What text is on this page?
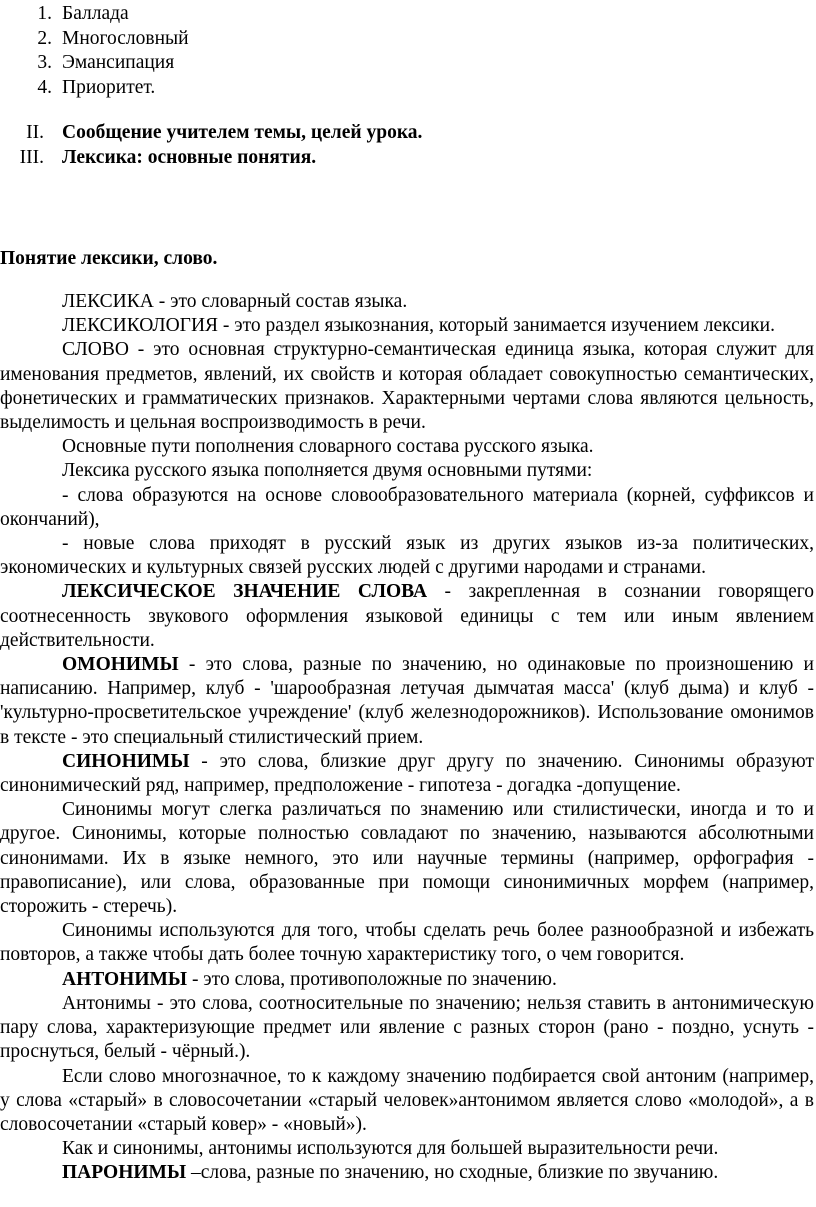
1. Баллада
2. Многословный
3. Эмансипация
4. Приоритет.
II. Сообщение учителем темы, целей урока.
III. Лексика: основные понятия.
Понятие лексики, слово.

ЛЕКСИКА - это словарный состав языка.

ЛЕКСИКОЛОГИЯ - это раздел языкознания, который занимается изучением лексики.

СЛОВО - это основная структурно-семантическая единица языка, которая служит для именования предметов, явлений, их свойств и которая обладает совокупностью семантических, фонетических и грамматических признаков. Характерными чертами слова являются цельность, выделимость и цельная воспроизводимость в речи.

Основные пути пополнения словарного состава русского языка.

Лексика русского языка пополняется двумя основными путями:

- слова образуются на основе словообразовательного материала (корней, суффиксов и окончаний),

- новые слова приходят в русский язык из других языков из-за политических, экономических и культурных связей русских людей с другими народами и странами.

ЛЕКСИЧЕСКОЕ ЗНАЧЕНИЕ СЛОВА - закрепленная в сознании говорящего соотнесенность звукового оформления языковой единицы с тем или иным явлением действительности.

ОМОНИМЫ - это слова, разные по значению, но одинаковые по произношению и написанию. Например, клуб - 'шарообразная летучая дымчатая масса' (клуб дыма) и клуб - 'культурно-просветительское учреждение' (клуб железнодорожников). Использование омонимов в тексте - это специальный стилистический прием.

СИНОНИМЫ - это слова, близкие друг другу по значению. Синонимы образуют синонимический ряд, например, предположение - гипотеза - догадка -допущение.

Синонимы могут слегка различаться по знамению или стилистически, иногда и то и другое. Синонимы, которые полностью совладают по значению, называются абсолютными синонимами. Их в языке немного, это или научные термины (например, орфография - правописание), или слова, образованные при помощи синонимичных морфем (например, сторожить - стеречь).

Синонимы используются для того, чтобы сделать речь более разнообразной и избежать повторов, а также чтобы дать более точную характеристику того, о чем говорится.

АНТОНИМЫ - это слова, противоположные по значению.

Антонимы - это слова, соотносительные по значению; нельзя ставить в антонимическую пару слова, характеризующие предмет или явление с разных сторон (рано - поздно, уснуть - проснуться, белый - чёрный.).

Если слово многозначное, то к каждому значению подбирается свой антоним (например, у слова «старый» в словосочетании «старый человек»антонимом является слово «молодой», а в словосочетании «старый ковер» - «новый»).

Как и синонимы, антонимы используются для большей выразительности речи.

ПАРОНИМЫ –слова, разные по значению, но сходные, близкие по звучанию.
